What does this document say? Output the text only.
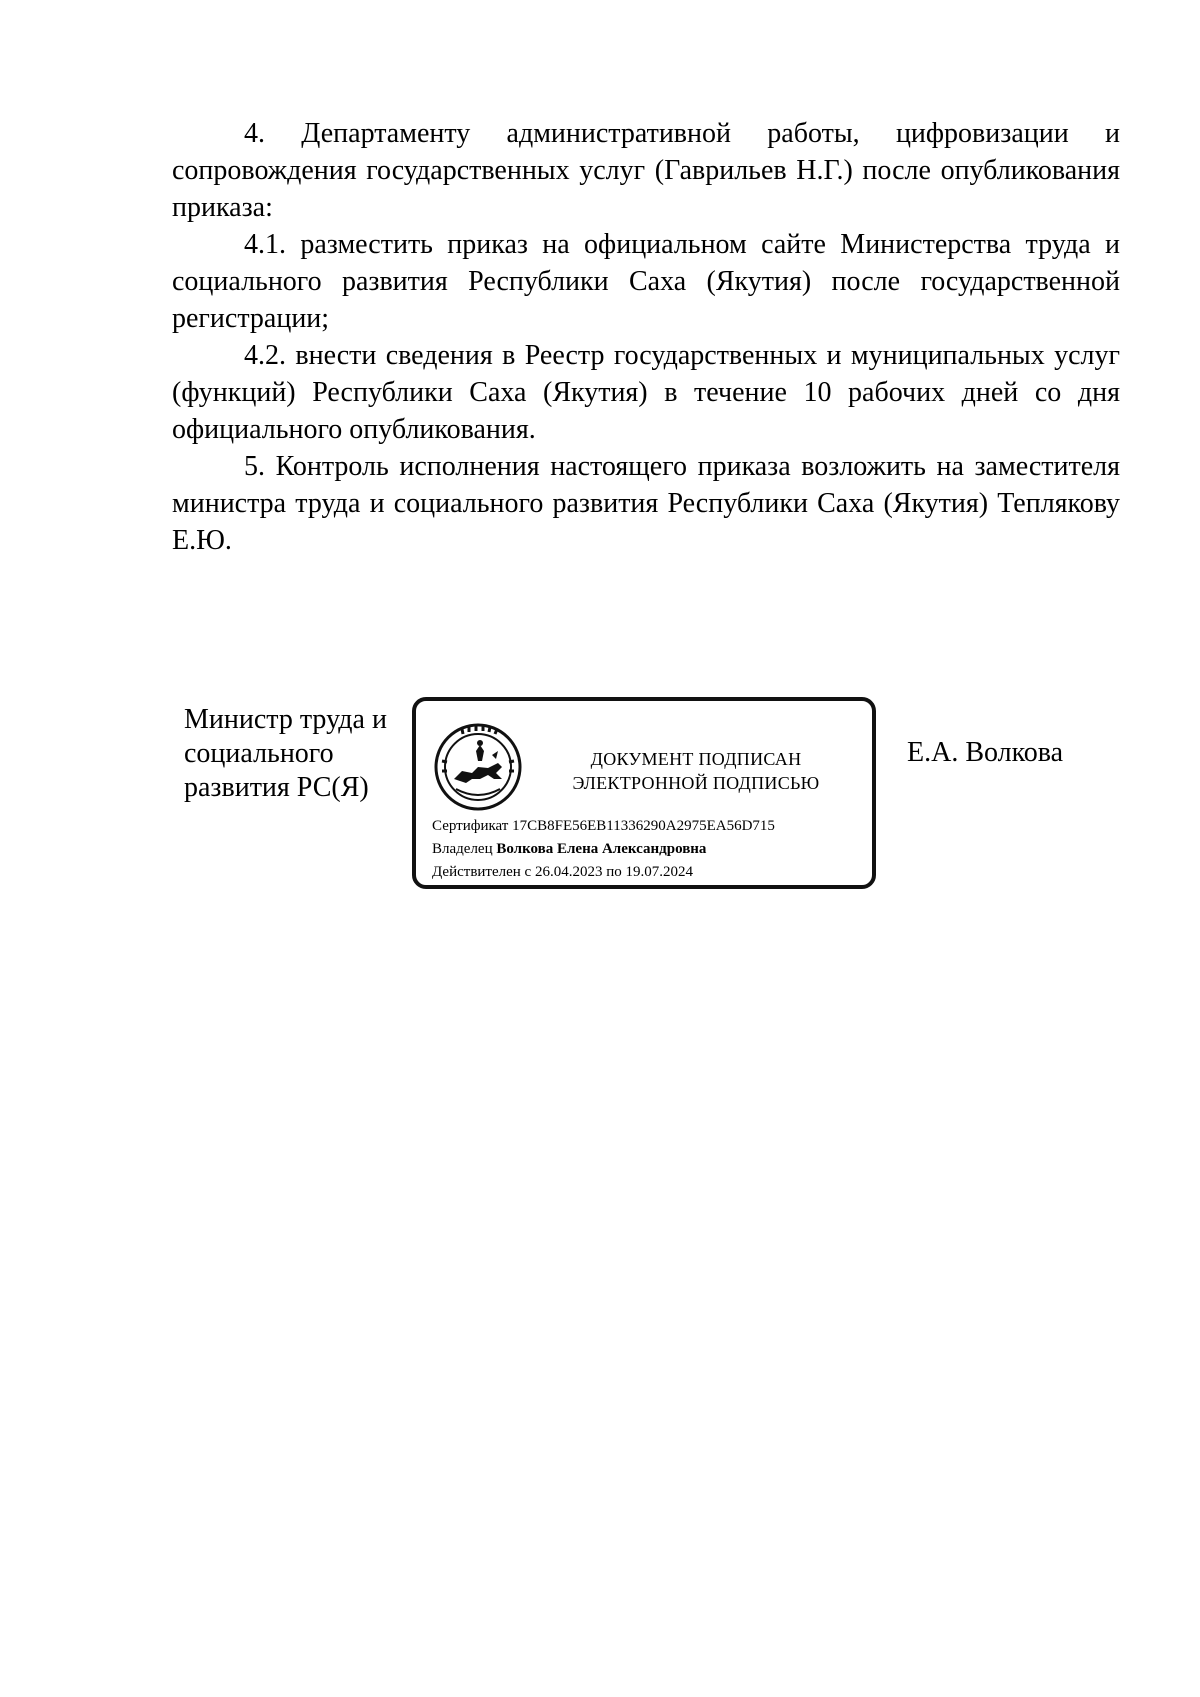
4. Департаменту административной работы, цифровизации и сопровождения государственных услуг (Гаврильев Н.Г.) после опубликования приказа:

4.1. разместить приказ на официальном сайте Министерства труда и социального развития Республики Саха (Якутия) после государственной регистрации;

4.2. внести сведения в Реестр государственных и муниципальных услуг (функций) Республики Саха (Якутия) в течение 10 рабочих дней со дня официального опубликования.

5. Контроль исполнения настоящего приказа возложить на заместителя министра труда и социального развития Республики Саха (Якутия) Теплякову Е.Ю.

Министр труда и
социального
развития РС(Я)
ДОКУМЕНТ ПОДПИСАН
ЭЛЕКТРОННОЙ ПОДПИСЬЮ
Сертификат 17CB8FE56EB11336290A2975EA56D715
Владелец Волкова Елена Александровна
Действителен с 26.04.2023 по 19.07.2024
Е.А. Волкова
